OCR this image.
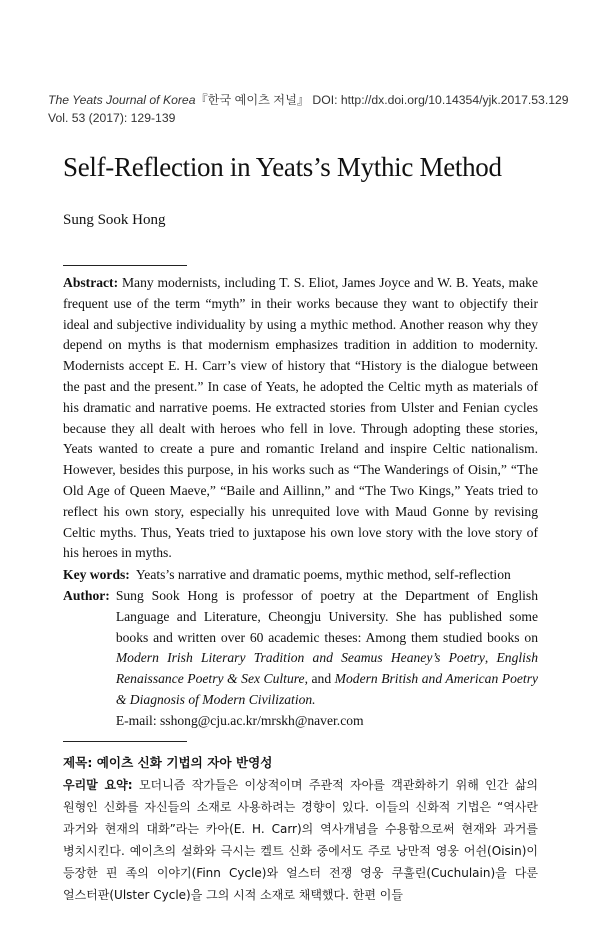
The Yeats Journal of Korea『한국 예이츠 저널』 DOI: http://dx.doi.org/10.14354/yjk.2017.53.129
Vol. 53 (2017): 129-139
Self-Reflection in Yeats’s Mythic Method
Sung Sook Hong
Abstract: Many modernists, including T. S. Eliot, James Joyce and W. B. Yeats, make frequent use of the term “myth” in their works because they want to objectify their ideal and subjective individuality by using a mythic method. Another reason why they depend on myths is that modernism emphasizes tradition in addition to modernity. Modernists accept E. H. Carr’s view of history that “History is the dialogue between the past and the present.” In case of Yeats, he adopted the Celtic myth as materials of his dramatic and narrative poems. He extracted stories from Ulster and Fenian cycles because they all dealt with heroes who fell in love. Through adopting these stories, Yeats wanted to create a pure and romantic Ireland and inspire Celtic nationalism. However, besides this purpose, in his works such as “The Wanderings of Oisin,” “The Old Age of Queen Maeve,” “Baile and Aillinn,” and “The Two Kings,” Yeats tried to reflect his own story, especially his unrequited love with Maud Gonne by revising Celtic myths. Thus, Yeats tried to juxtapose his own love story with the love story of his heroes in myths.
Key words: Yeats’s narrative and dramatic poems, mythic method, self-reflection
Author: Sung Sook Hong is professor of poetry at the Department of English Language and Literature, Cheongju University. She has published some books and written over 60 academic theses: Among them studied books on Modern Irish Literary Tradition and Seamus Heaney’s Poetry, English Renaissance Poetry & Sex Culture, and Modern British and American Poetry & Diagnosis of Modern Civilization.
E-mail: sshong@cju.ac.kr/mrskh@naver.com
제목: 예이츠 신화 기법의 자아 반영성
우리말 요약: 모더니즘 작가들은 이상적이며 주관적 자아를 객관화하기 위해 인간 삶의 원형인 신화를 자신들의 소재로 사용하려는 경향이 있다. 이들의 신화적 기법은 “역사란 과거와 현재의 대화”라는 카아(E. H. Carr)의 역사개념을 수용함으로써 현재와 과거를 병치시킨다. 예이츠의 설화와 극시는 켈트 신화 중에서도 주로 낭만적 영웅 어쉰(Oisin)이 등장한 핀 족의 이야기(Finn Cycle)와 얼스터 전쟁 영웅 쿠훌린(Cuchulain)을 다룬 얼스터판(Ulster Cycle)을 그의 시적 소재로 채택했다. 한편 이들
